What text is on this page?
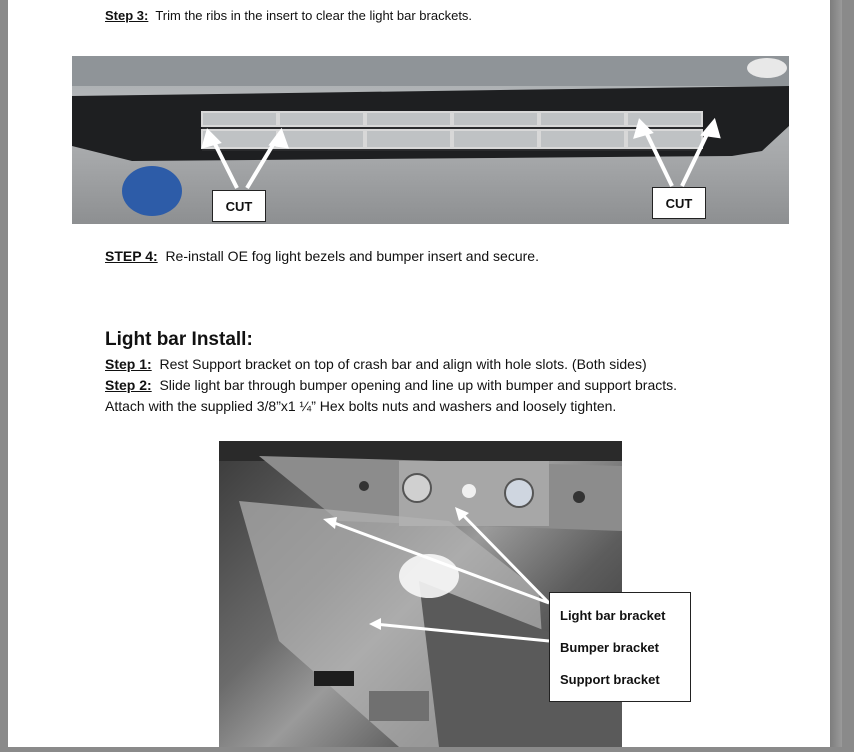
Step 3: Trim the ribs in the insert to clear the light bar brackets.
CUT	CUT
STEP 4: Re-install OE fog light bezels and bumper insert and secure.
Light bar Install:
Step 1: Rest Support bracket on top of crash bar and align with hole slots. (Both sides)
Step 2: Slide light bar through bumper opening and line up with bumper and support bracts.
Attach with the supplied 3/8”x1 ¼” Hex bolts nuts and washers and loosely tighten.
Light bar bracket
Bumper bracket
Support bracket
